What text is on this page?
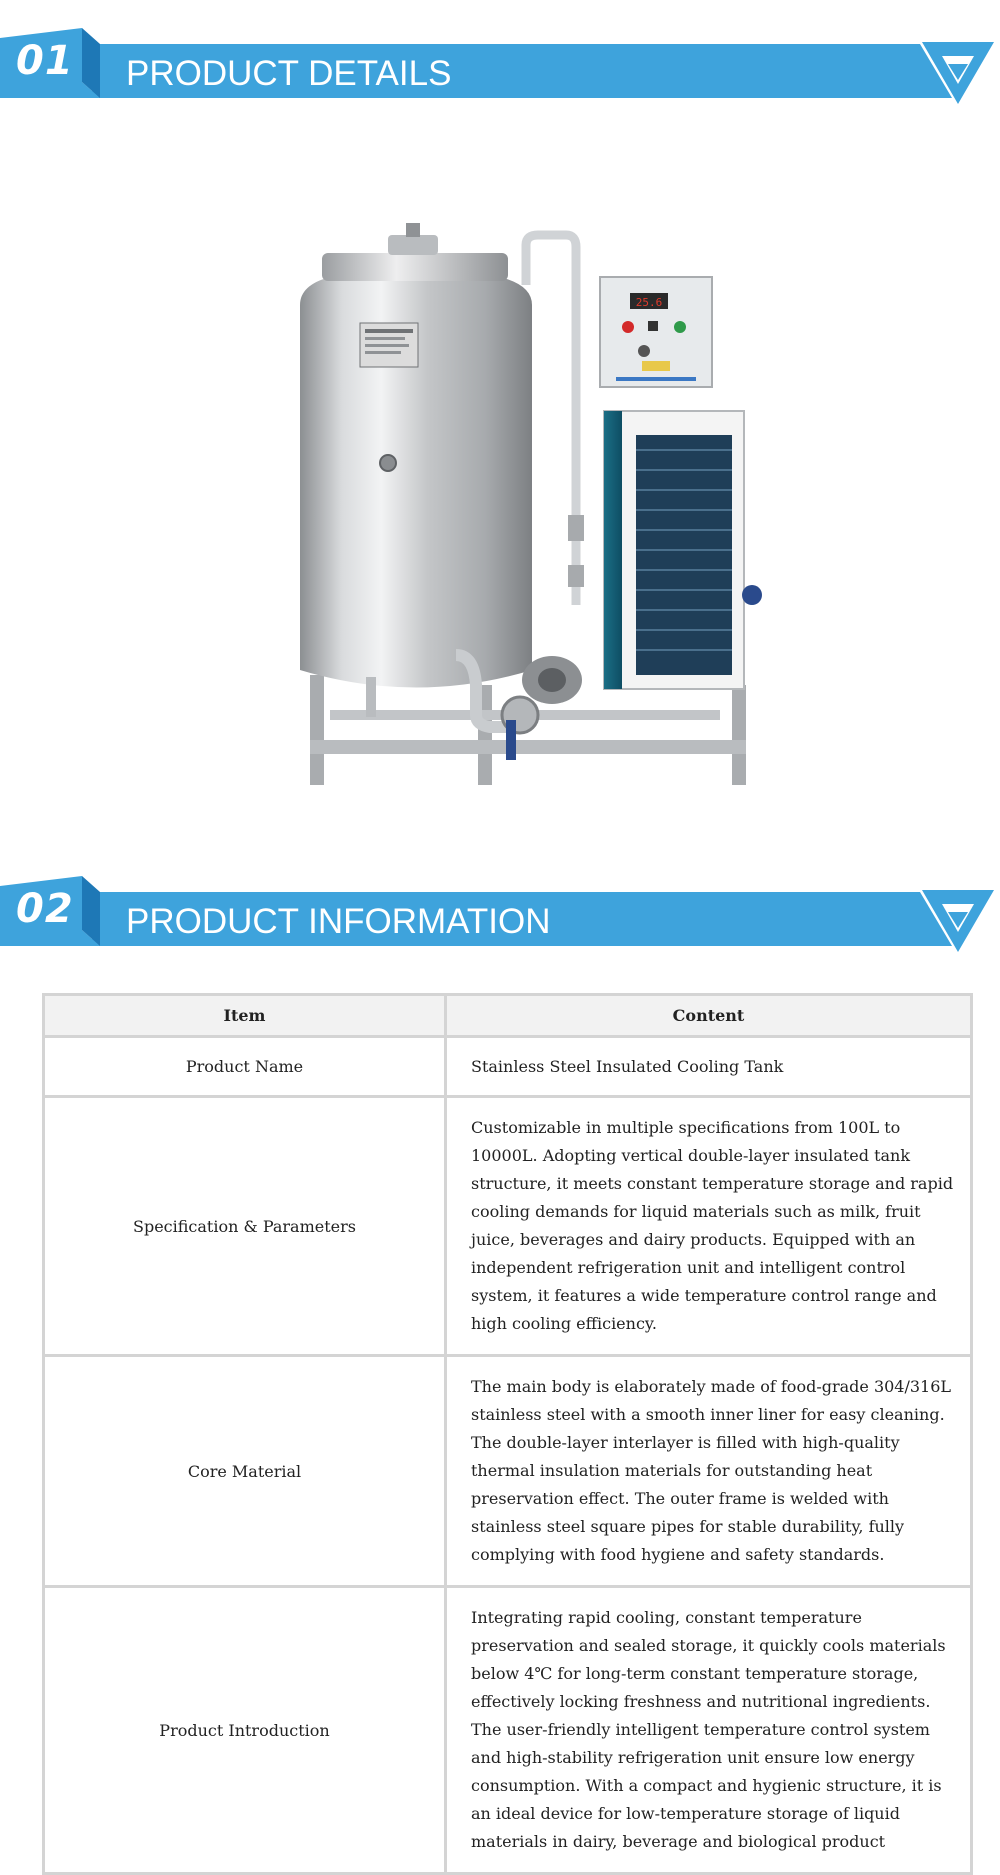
01 PRODUCT DETAILS
25.6
02 PRODUCT INFORMATION
Item	Content
Product Name	Stainless Steel Insulated Cooling Tank
Specification & Parameters	Customizable in multiple specifications from 100L to 10000L. Adopting vertical double-layer insulated tank structure, it meets constant temperature storage and rapid cooling demands for liquid materials such as milk, fruit juice, beverages and dairy products. Equipped with an independent refrigeration unit and intelligent control system, it features a wide temperature control range and high cooling efficiency.
Core Material	The main body is elaborately made of food-grade 304/316L stainless steel with a smooth inner liner for easy cleaning. The double-layer interlayer is filled with high-quality thermal insulation materials for outstanding heat preservation effect. The outer frame is welded with stainless steel square pipes for stable durability, fully complying with food hygiene and safety standards.
Product Introduction	Integrating rapid cooling, constant temperature preservation and sealed storage, it quickly cools materials below 4℃ for long-term constant temperature storage, effectively locking freshness and nutritional ingredients. The user-friendly intelligent temperature control system and high-stability refrigeration unit ensure low energy consumption. With a compact and hygienic structure, it is an ideal device for low-temperature storage of liquid materials in dairy, beverage and biological product
